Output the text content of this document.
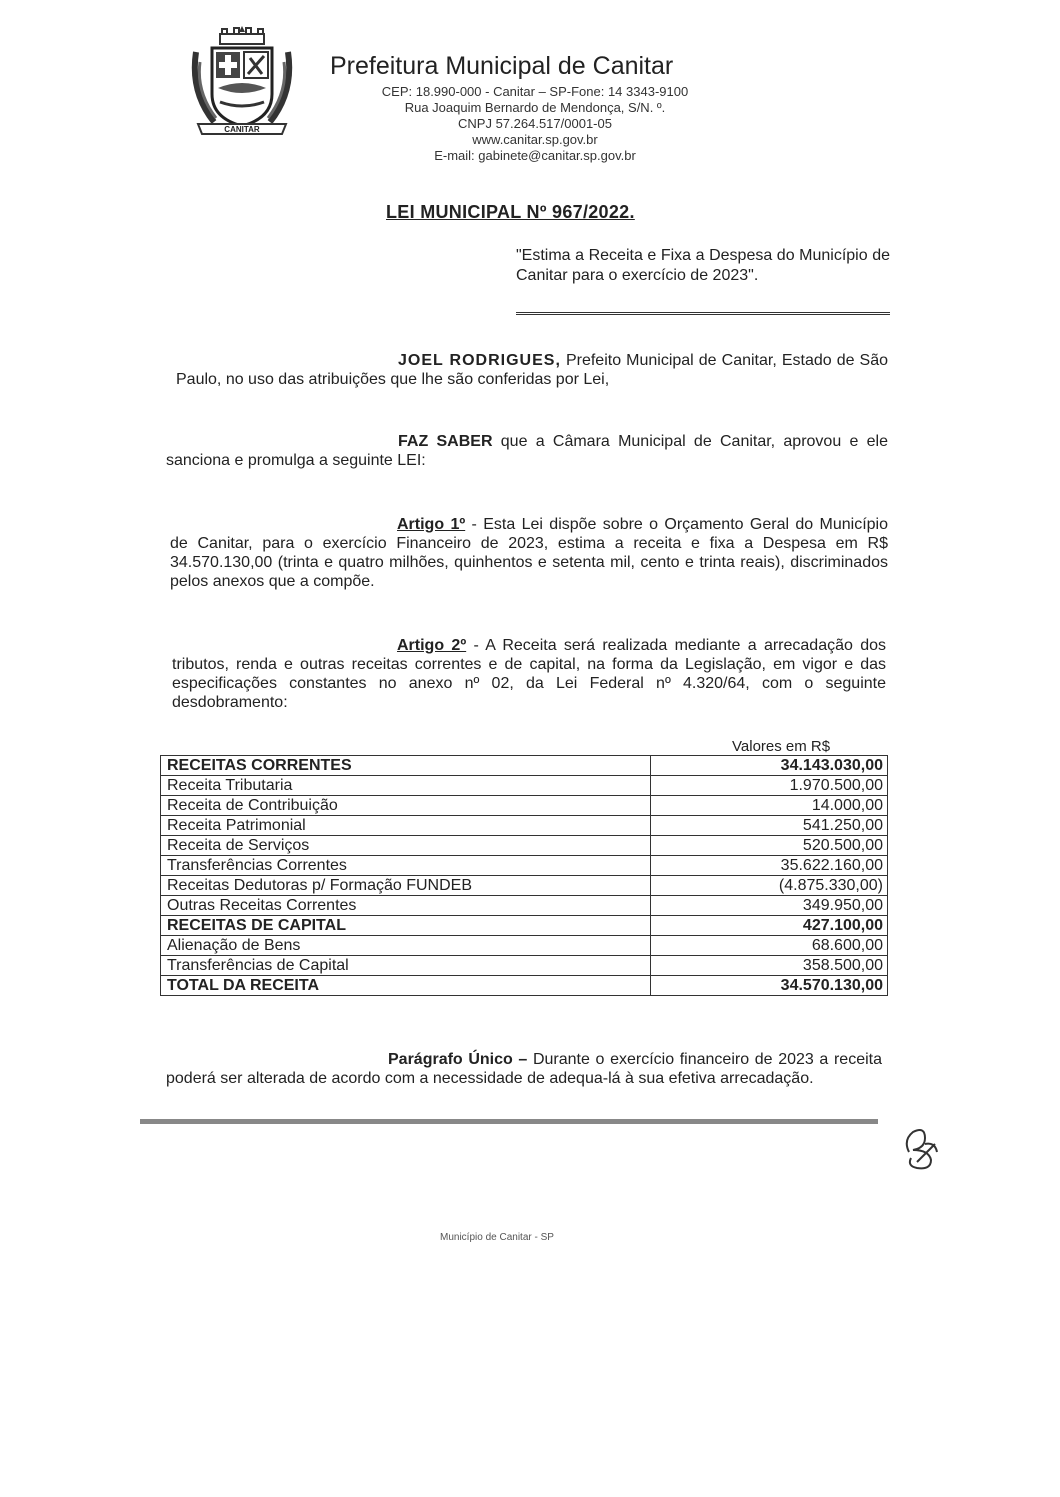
CANITAR
Prefeitura Municipal de Canitar
CEP: 18.990-000 - Canitar – SP-Fone: 14 3343-9100
Rua Joaquim Bernardo de Mendonça, S/N. º.
CNPJ 57.264.517/0001-05
www.canitar.sp.gov.br
E-mail: gabinete@canitar.sp.gov.br
LEI MUNICIPAL Nº 967/2022.
"Estima a Receita e Fixa a Despesa do Município de Canitar para o exercício de 2023".
JOEL RODRIGUES, Prefeito Municipal de Canitar, Estado de São Paulo, no uso das atribuições que lhe são conferidas por Lei,
FAZ SABER que a Câmara Municipal de Canitar, aprovou e ele sanciona e promulga a seguinte LEI:
Artigo 1º - Esta Lei dispõe sobre o Orçamento Geral do Município de Canitar, para o exercício Financeiro de 2023, estima a receita e fixa a Despesa em R$ 34.570.130,00 (trinta e quatro milhões, quinhentos e setenta mil, cento e trinta reais), discriminados pelos anexos que a compõe.
Artigo 2º - A Receita será realizada mediante a arrecadação dos tributos, renda e outras receitas correntes e de capital, na forma da Legislação, em vigor e das especificações constantes no anexo nº 02, da Lei Federal nº 4.320/64, com o seguinte desdobramento:
Valores em R$
RECEITAS CORRENTES	34.143.030,00
Receita Tributaria	1.970.500,00
Receita de Contribuição	14.000,00
Receita Patrimonial	541.250,00
Receita de Serviços	520.500,00
Transferências Correntes	35.622.160,00
Receitas Dedutoras p/ Formação FUNDEB	(4.875.330,00)
Outras Receitas Correntes	349.950,00
RECEITAS DE CAPITAL	427.100,00
Alienação de Bens	68.600,00
Transferências de Capital	358.500,00
TOTAL DA RECEITA	34.570.130,00
Parágrafo Único – Durante o exercício financeiro de 2023 a receita poderá ser alterada de acordo com a necessidade de adequa-lá à sua efetiva arrecadação.
Município de Canitar - SP
